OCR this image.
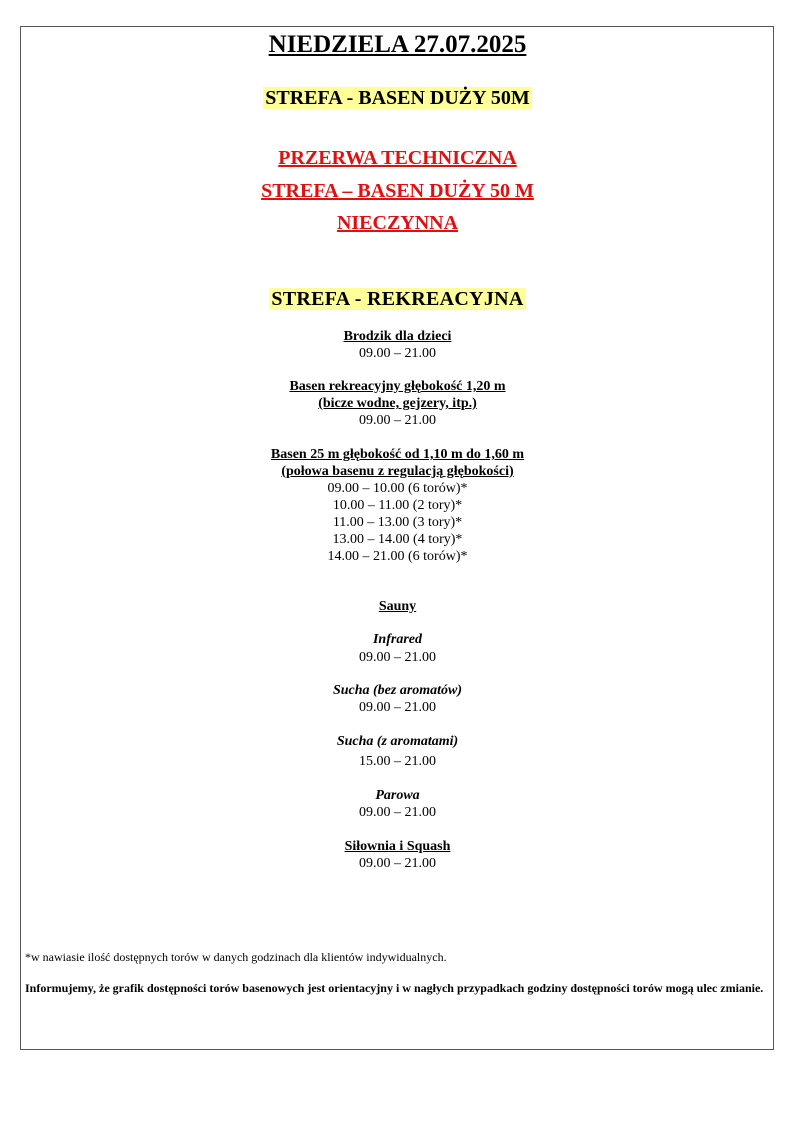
NIEDZIELA 27.07.2025
STREFA - BASEN DUŻY 50M
PRZERWA TECHNICZNA
STREFA – BASEN DUŻY 50 M
NIECZYNNA
STREFA - REKREACYJNA
Brodzik dla dzieci
09.00 – 21.00
Basen rekreacyjny głębokość 1,20 m
(bicze wodne, gejzery, itp.)
09.00 – 21.00
Basen 25 m głębokość od 1,10 m do 1,60 m
(połowa basenu z regulacją głębokości)
09.00 – 10.00 (6 torów)*
10.00 – 11.00 (2 tory)*
11.00 – 13.00 (3 tory)*
13.00 – 14.00 (4 tory)*
14.00 – 21.00 (6 torów)*
Sauny
Infrared
09.00 – 21.00
Sucha (bez aromatów)
09.00 – 21.00
Sucha (z aromatami)
15.00 – 21.00
Parowa
09.00 – 21.00
Siłownia i Squash
09.00 – 21.00
*w nawiasie ilość dostępnych torów w danych godzinach dla klientów indywidualnych.
Informujemy, że grafik dostępności torów basenowych jest orientacyjny i w nagłych przypadkach godziny dostępności torów mogą ulec zmianie.
